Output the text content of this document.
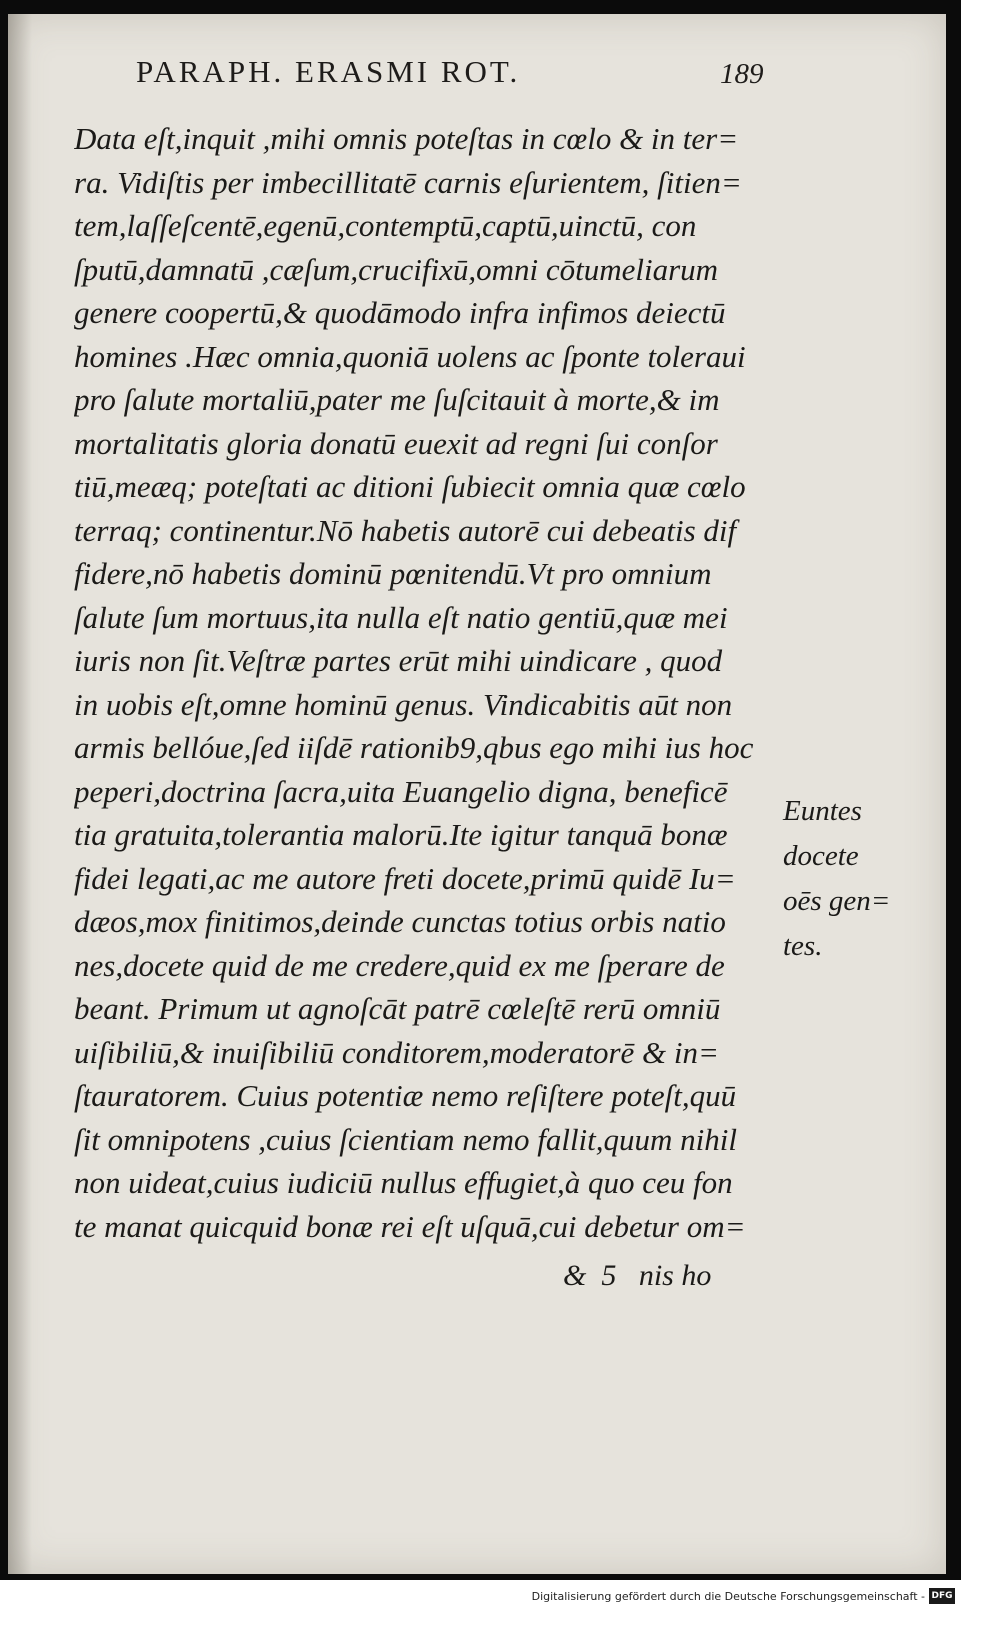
PARAPH. ERASMI ROT.	189
Data eſt,inquit ,mihi omnis poteſtas in cœlo & in ter=
ra. Vidiſtis per imbecillitatē carnis eſurientem, ſitien=
tem,laſſeſcentē,egenū,contemptū,captū,uinctū, con
ſputū,damnatū ,cæſum,crucifixū,omni cōtumeliarum
genere coopertū,& quodāmodo infra infimos deiectū
homines .Hæc omnia,quoniā uolens ac ſponte toleraui
pro ſalute mortaliū,pater me ſuſcitauit à morte,& im
mortalitatis gloria donatū euexit ad regni ſui conſor
tiū,meæq; poteſtati ac ditioni ſubiecit omnia quæ cœlo
terraq; continentur.Nō habetis autorē cui debeatis dif
fidere,nō habetis dominū pœnitendū.Vt pro omnium
ſalute ſum mortuus,ita nulla eſt natio gentiū,quæ mei
iuris non ſit.Veſtræ partes erūt mihi uindicare , quod
in uobis eſt,omne hominū genus. Vindicabitis aūt non
armis bellóue,ſed iiſdē rationib9,qbus ego mihi ius hoc
peperi,doctrina ſacra,uita Euangelio digna, beneficē
tia gratuita,tolerantia malorū.Ite igitur tanquā bonæ
fidei legati,ac me autore freti docete,primū quidē Iu=
dæos,mox finitimos,deinde cunctas totius orbis natio
nes,docete quid de me credere,quid ex me ſperare de
beant. Primum ut agnoſcāt patrē cœleſtē rerū omniū
uiſibiliū,& inuiſibiliū conditorem,moderatorē & in=
ſtauratorem. Cuius potentiæ nemo reſiſtere poteſt,quū
ſit omnipotens ,cuius ſcientiam nemo fallit,quum nihil
non uideat,cuius iudiciū nullus effugiet,à quo ceu fon
te manat quicquid bonæ rei eſt uſquā,cui debetur om=
Euntes
docete
oēs gen=
tes.
&  5   nis ho
Digitalisierung gefördert durch die Deutsche Forschungsgemeinschaft - DFG
